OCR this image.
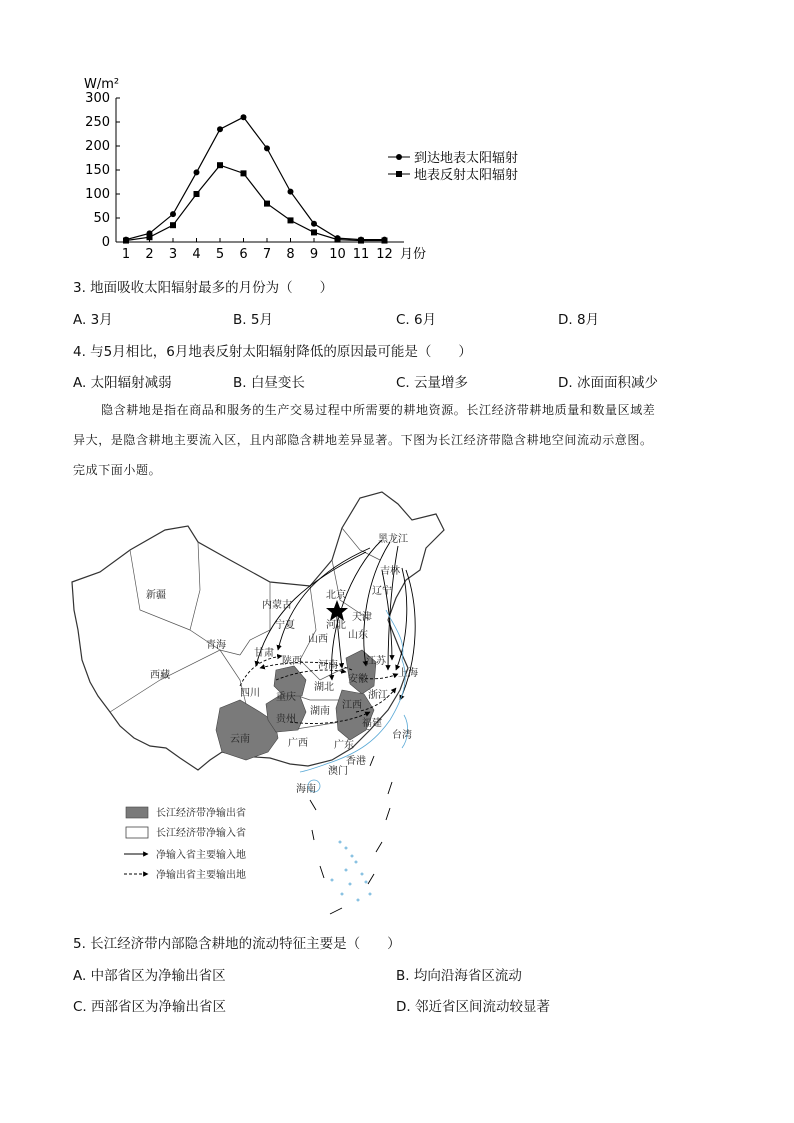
W/m²
0
50
100
150
200
250
300
1 2 3 4 5 6 7 8 9 10 11 12 月份
到达地表太阳辐射
地表反射太阳辐射
3. 地面吸收太阳辐射最多的月份为（　　）
A. 3月	B. 5月	C. 6月	D. 8月
4. 与5月相比，6月地表反射太阳辐射降低的原因最可能是（　　）
A. 太阳辐射减弱	B. 白昼变长	C. 云量增多	D. 冰面面积减少
隐含耕地是指在商品和服务的生产交易过程中所需要的耕地资源。长江经济带耕地质量和数量区域差
异大，是隐含耕地主要流入区，且内部隐含耕地差异显著。下图为长江经济带隐含耕地空间流动示意图。
完成下面小题。
黑龙江
吉林
辽宁
新疆
内蒙古
北京
天津
河北
山西 山东
宁夏
青海
甘肃
陕西 河南	江苏
上海
安徽
西藏
四川 重庆
湖北
浙江
贵州
湖南
江西
福建
云南	广西	广东
台湾
香港
澳门
海南
长江经济带净输出省
长江经济带净输入省
净输入省主要输入地
净输出省主要输出地
5. 长江经济带内部隐含耕地的流动特征主要是（　　）
A. 中部省区为净输出省区	B. 均向沿海省区流动
C. 西部省区为净输出省区	D. 邻近省区间流动较显著
